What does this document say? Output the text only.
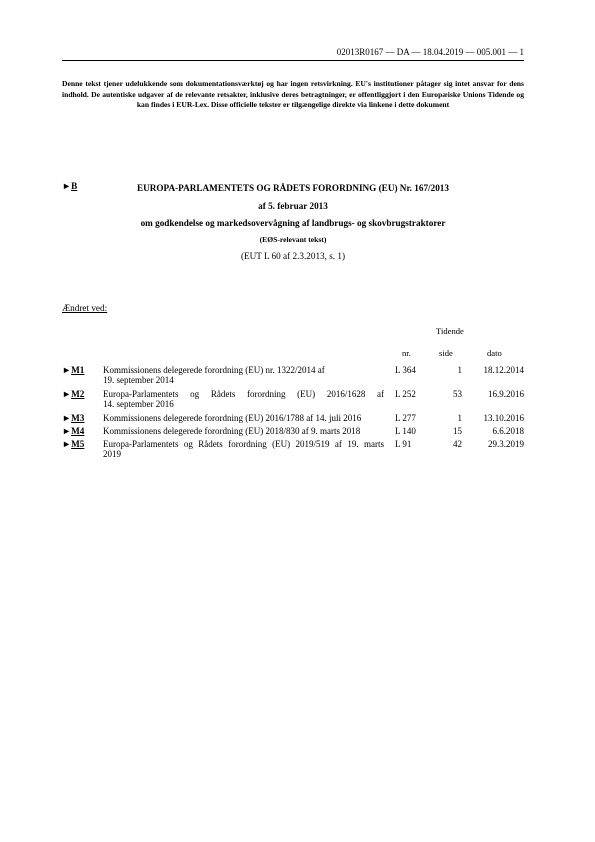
02013R0167 — DA — 18.04.2019 — 005.001 — 1
Denne tekst tjener udelukkende som dokumentationsværktøj og har ingen retsvirkning. EU's institutioner påtager sig intet ansvar for dens indhold. De autentiske udgaver af de relevante retsakter, inklusive deres betragtninger, er offentliggjort i den Europæiske Unions Tidende og kan findes i EUR-Lex. Disse officielle tekster er tilgængelige direkte via linkene i dette dokument
►B	EUROPA-PARLAMENTETS OG RÅDETS FORORDNING (EU) Nr. 167/2013
af 5. februar 2013
om godkendelse og markedsovervågning af landbrugs- og skovbrugstraktorer
(EØS-relevant tekst)
(EUT L 60 af 2.3.2013, s. 1)
Ændret ved:
Tidende
nr.	side	dato
►M1 Kommissionens delegerede forordning (EU) nr. 1322/2014 af
19. september 2014
L 364	1	18.12.2014
►M2 Europa-Parlamentets og Rådets forordning (EU) 2016/1628 af
14. september 2016
L 252	53	16.9.2016
►M3 Kommissionens delegerede forordning (EU) 2016/1788 af 14. juli 2016	L 277	1	13.10.2016
►M4 Kommissionens delegerede forordning (EU) 2018/830 af 9. marts 2018	L 140	15	6.6.2018
►M5 Europa-Parlamentets og Rådets forordning (EU) 2019/519 af 19. marts
2019
L 91	42	29.3.2019
